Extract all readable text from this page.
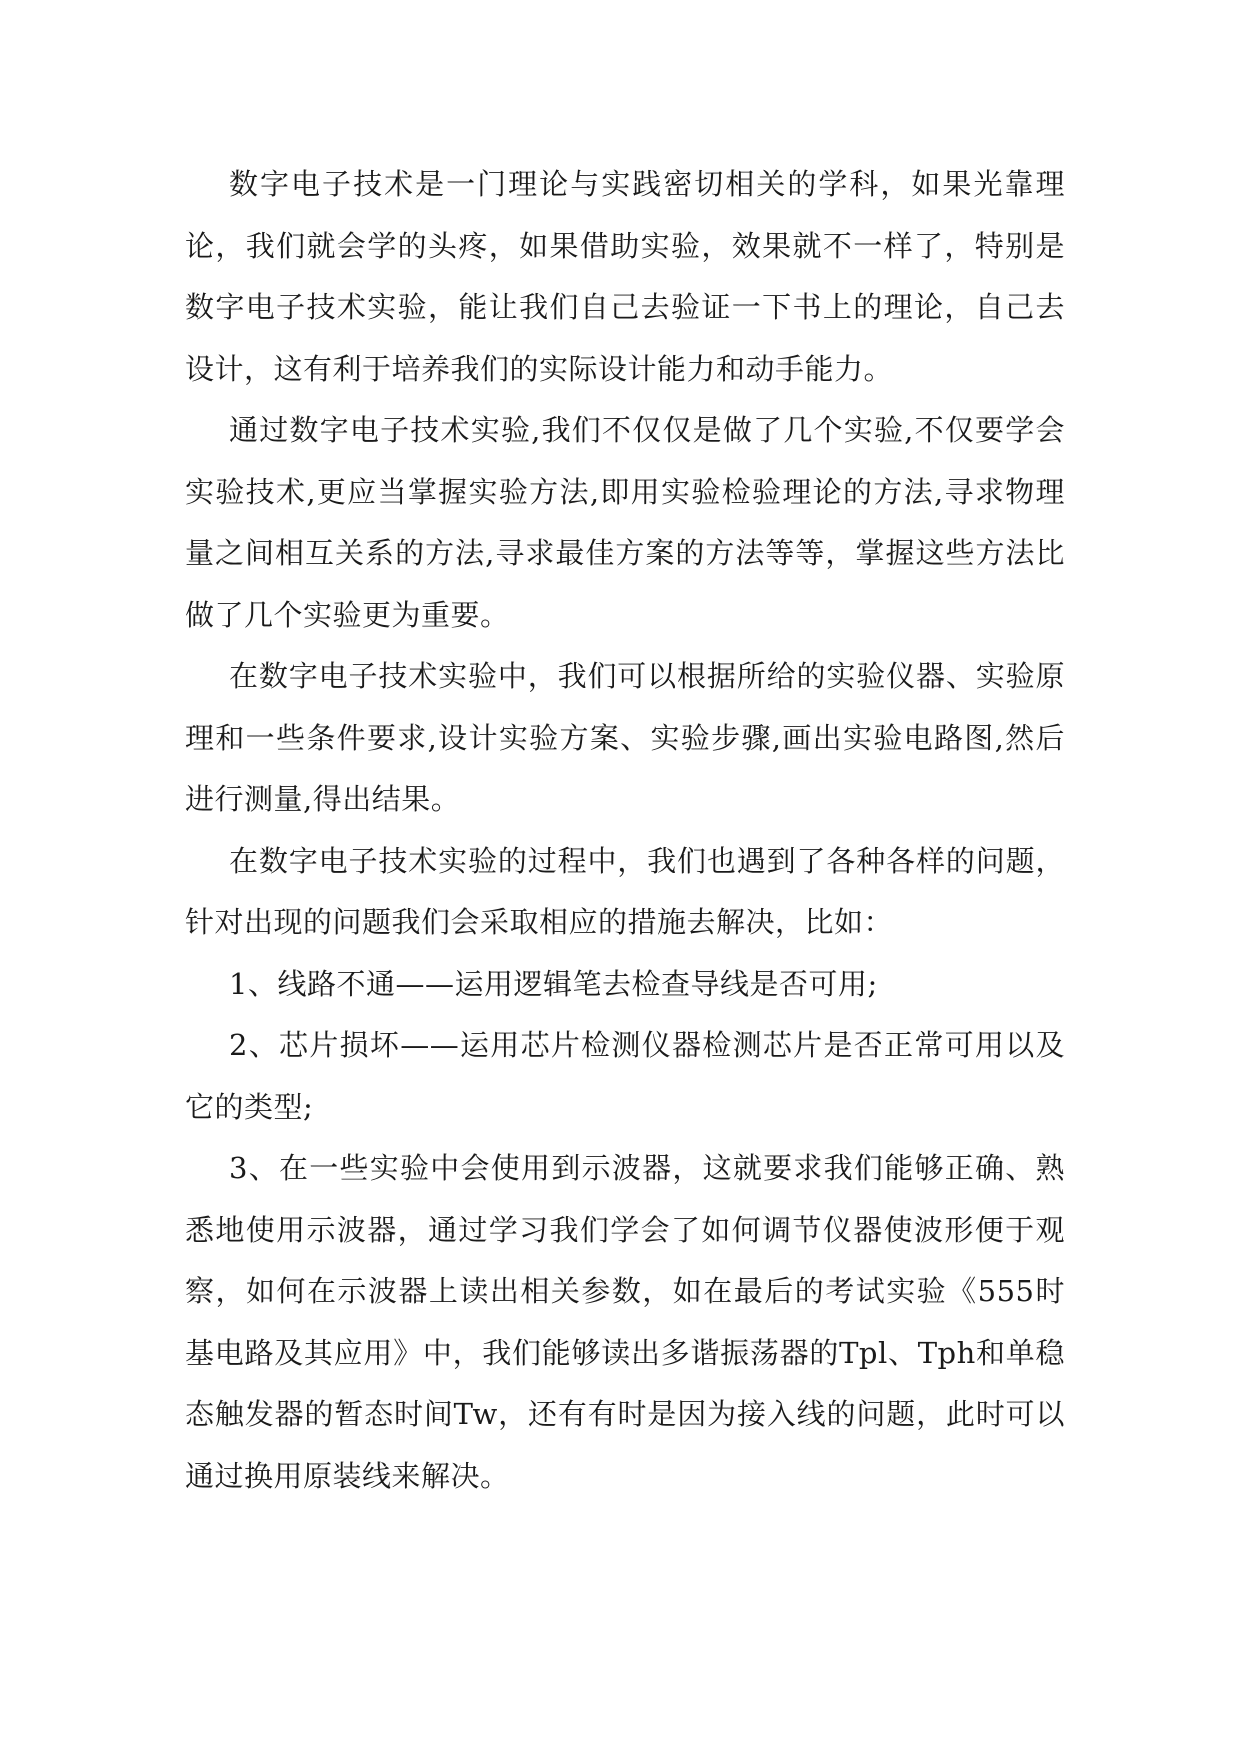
数字电子技术是一门理论与实践密切相关的学科，如果光靠理论，我们就会学的头疼，如果借助实验，效果就不一样了，特别是数字电子技术实验，能让我们自己去验证一下书上的理论，自己去设计，这有利于培养我们的实际设计能力和动手能力。

通过数字电子技术实验,我们不仅仅是做了几个实验,不仅要学会实验技术,更应当掌握实验方法,即用实验检验理论的方法,寻求物理量之间相互关系的方法,寻求最佳方案的方法等等，掌握这些方法比做了几个实验更为重要。

在数字电子技术实验中，我们可以根据所给的实验仪器、实验原理和一些条件要求,设计实验方案、实验步骤,画出实验电路图,然后进行测量,得出结果。

在数字电子技术实验的过程中，我们也遇到了各种各样的问题，针对出现的问题我们会采取相应的措施去解决，比如：

1、线路不通——运用逻辑笔去检查导线是否可用;

2、芯片损坏——运用芯片检测仪器检测芯片是否正常可用以及它的类型;

3、在一些实验中会使用到示波器，这就要求我们能够正确、熟悉地使用示波器，通过学习我们学会了如何调节仪器使波形便于观察，如何在示波器上读出相关参数，如在最后的考试实验《555时基电路及其应用》中，我们能够读出多谐振荡器的Tpl、Tph和单稳态触发器的暂态时间Tw，还有有时是因为接入线的问题，此时可以通过换用原装线来解决。
